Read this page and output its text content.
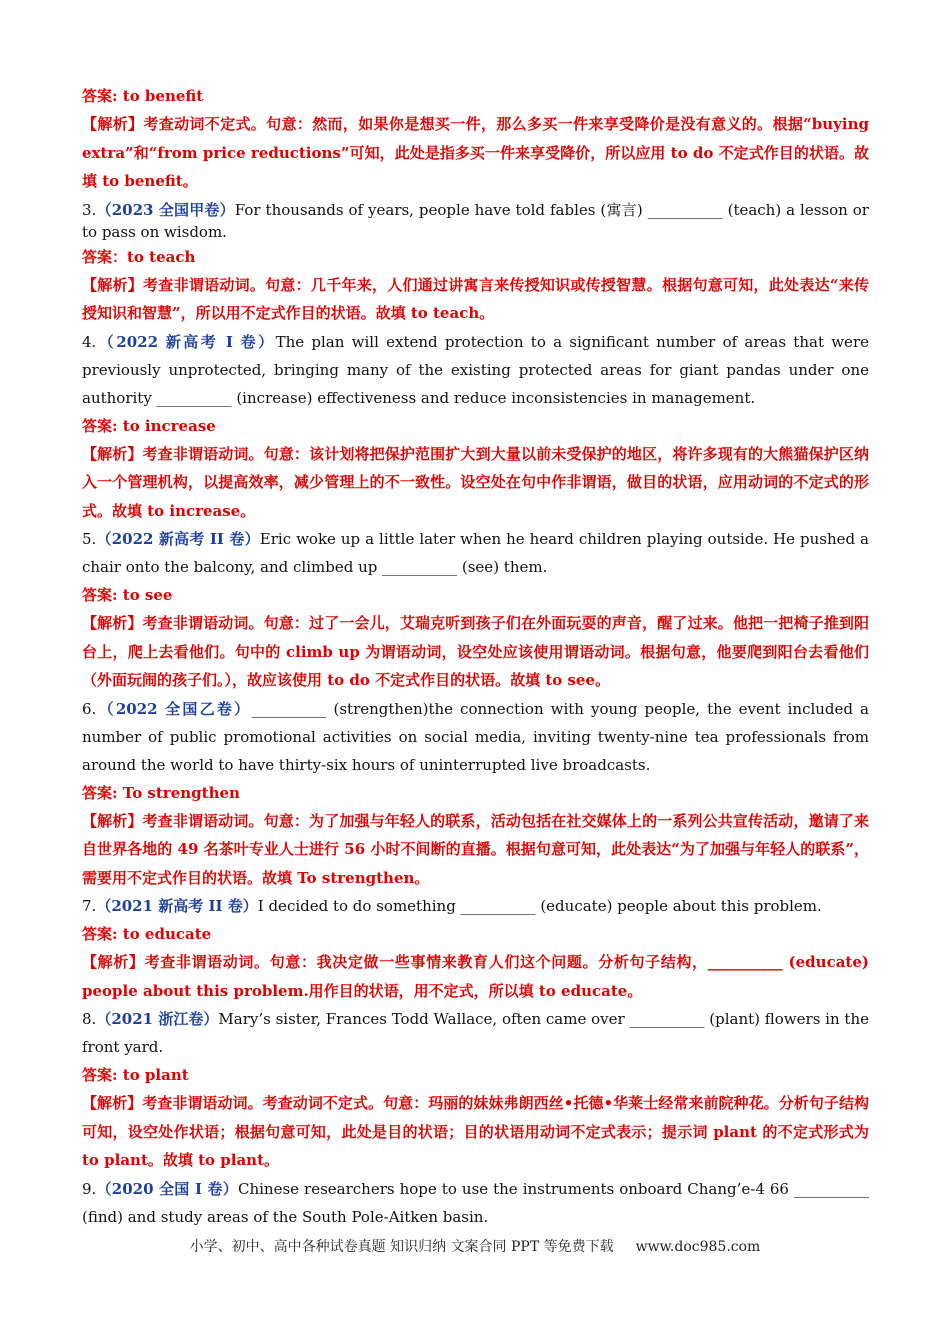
答案: to benefit

【解析】考查动词不定式。句意：然而，如果你是想买一件，那么多买一件来享受降价是没有意义的。根据“buying extra”和“from price reductions”可知，此处是指多买一件来享受降价，所以应用 to do 不定式作目的状语。故填 to benefit。

3.（2023 全国甲卷）For thousands of years, people have told fables (寓言) __________ (teach) a lesson or to pass on wisdom.

答案：to teach

【解析】考查非谓语动词。句意：几千年来，人们通过讲寓言来传授知识或传授智慧。根据句意可知，此处表达“来传授知识和智慧”，所以用不定式作目的状语。故填 to teach。

4.（2022 新高考 I 卷）The plan will extend protection to a significant number of areas that were previously unprotected, bringing many of the existing protected areas for giant pandas under one authority __________ (increase) effectiveness and reduce inconsistencies in management.

答案: to increase

【解析】考查非谓语动词。句意：该计划将把保护范围扩大到大量以前未受保护的地区，将许多现有的大熊猫保护区纳入一个管理机构，以提高效率，减少管理上的不一致性。设空处在句中作非谓语，做目的状语，应用动词的不定式的形式。故填 to increase。

5.（2022 新高考 II 卷）Eric woke up a little later when he heard children playing outside. He pushed a chair onto the balcony, and climbed up __________ (see) them.

答案: to see

【解析】考查非谓语动词。句意：过了一会儿，艾瑞克听到孩子们在外面玩耍的声音，醒了过来。他把一把椅子推到阳台上，爬上去看他们。句中的 climb up 为谓语动词，设空处应该使用谓语动词。根据句意，他要爬到阳台去看他们（外面玩闹的孩子们。），故应该使用 to do 不定式作目的状语。故填 to see。

6.（2022 全国乙卷）__________ (strengthen)the connection with young people, the event included a number of public promotional activities on social media, inviting twenty-nine tea professionals from around the world to have thirty-six hours of uninterrupted live broadcasts.

答案: To strengthen

【解析】考查非谓语动词。句意：为了加强与年轻人的联系，活动包括在社交媒体上的一系列公共宣传活动，邀请了来自世界各地的 49 名茶叶专业人士进行 56 小时不间断的直播。根据句意可知，此处表达“为了加强与年轻人的联系”，需要用不定式作目的状语。故填 To strengthen。

7.（2021 新高考 II 卷）I decided to do something __________ (educate) people about this problem.

答案: to educate

【解析】考查非谓语动词。句意：我决定做一些事情来教育人们这个问题。分析句子结构，__________ (educate) people about this problem.用作目的状语，用不定式，所以填 to educate。

8.（2021 浙江卷）Mary’s sister, Frances Todd Wallace, often came over __________ (plant) flowers in the front yard.

答案: to plant

【解析】考查非谓语动词。考查动词不定式。句意：玛丽的妹妹弗朗西丝•托德•华莱士经常来前院种花。分析句子结构可知，设空处作状语；根据句意可知，此处是目的状语；目的状语用动词不定式表示；提示词 plant 的不定式形式为 to plant。故填 to plant。

9.（2020 全国 I 卷）Chinese researchers hope to use the instruments onboard Chang’e-4 66 __________ (find) and study areas of the South Pole-Aitken basin.

小学、初中、高中各种试卷真题 知识归纳 文案合同 PPT 等免费下载 www.doc985.com
